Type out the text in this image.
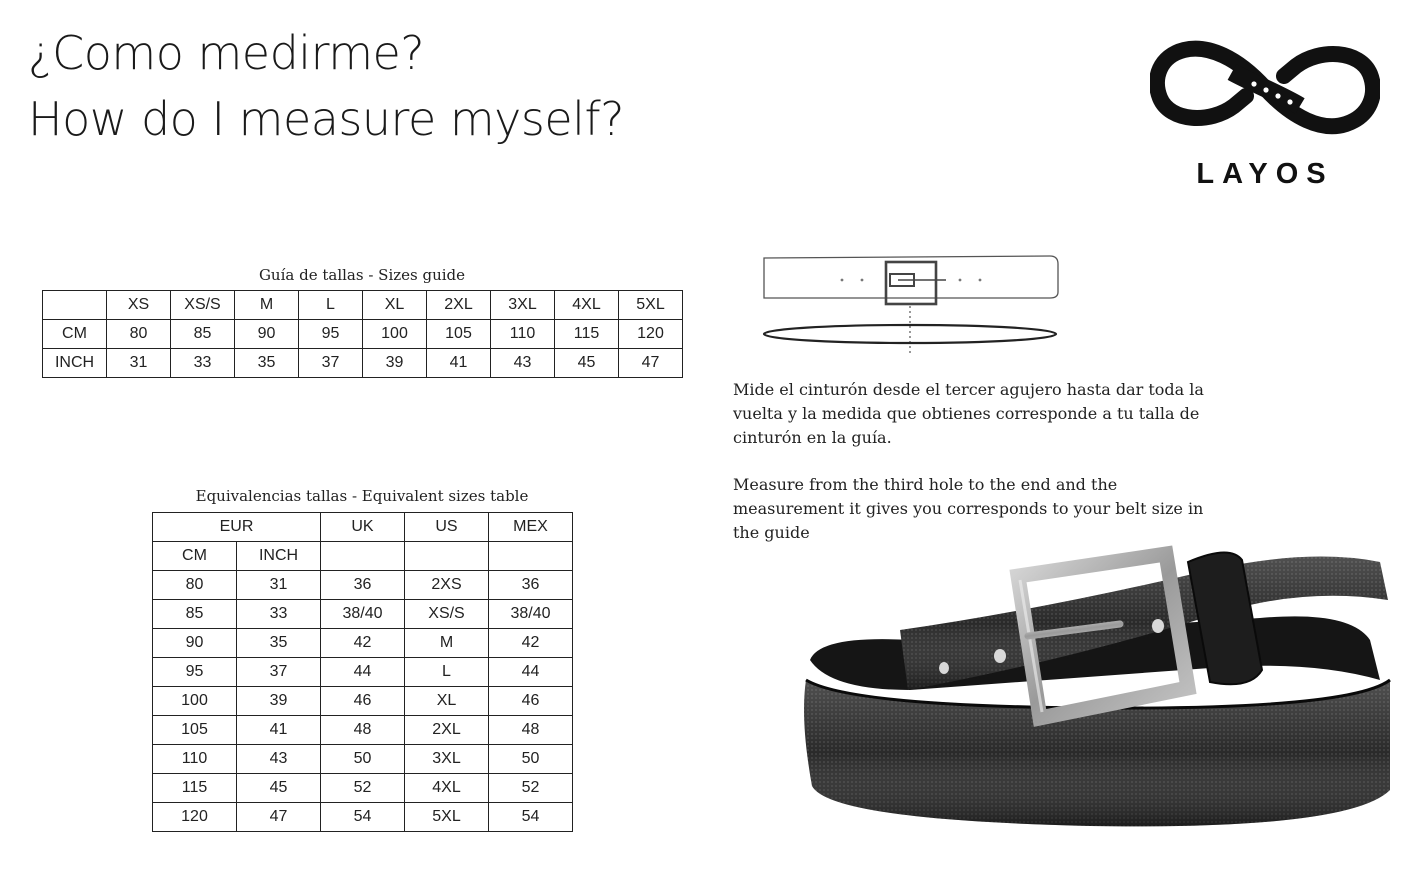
¿Como medirme?
How do I measure myself?
LAYOS
Guía de tallas - Sizes guide
	XS	XS/S	M	L	XL	2XL	3XL	4XL	5XL
CM	80	85	90	95	100	105	110	115	120
INCH	31	33	35	37	39	41	43	45	47
Equivalencias tallas - Equivalent sizes table
EUR		UK	US	MEX
CM	INCH			
80	31	36	2XS	36
85	33	38/40	XS/S	38/40
90	35	42	M	42
95	37	44	L	44
100	39	46	XL	46
105	41	48	2XL	48
110	43	50	3XL	50
115	45	52	4XL	52
120	47	54	5XL	54

Mide el cinturón desde el tercer agujero hasta dar toda la vuelta y la medida que obtienes corresponde a tu talla de cinturón en la guía.

Measure from the third hole to the end and the measurement it gives you corresponds to your belt size in the guide
